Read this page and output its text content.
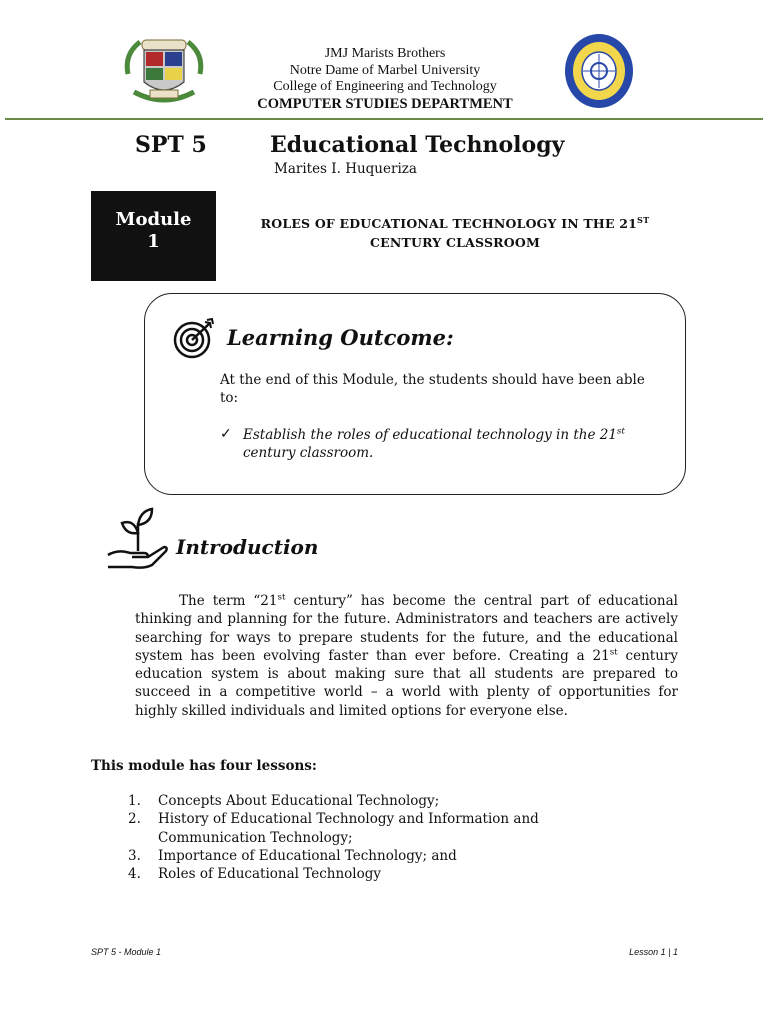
JMJ Marists Brothers
Notre Dame of Marbel University
College of Engineering and Technology
COMPUTER STUDIES DEPARTMENT
SPT 5	Educational Technology
Marites I. Huqueriza
Module
1
ROLES OF EDUCATIONAL TECHNOLOGY IN THE 21ST
CENTURY CLASSROOM
Learning Outcome:
At the end of this Module, the students should have been able to:
✓ Establish the roles of educational technology in the 21st
century classroom.
Introduction
The term “21st century” has become the central part of educational thinking and planning for the future. Administrators and teachers are actively searching for ways to prepare students for the future, and the educational system has been evolving faster than ever before. Creating a 21st century education system is about making sure that all students are prepared to succeed in a competitive world – a world with plenty of opportunities for highly skilled individuals and limited options for everyone else.
This module has four lessons:
1. Concepts About Educational Technology;
2. History of Educational Technology and Information and Communication Technology;
3. Importance of Educational Technology; and
4. Roles of Educational Technology
SPT 5 - Module 1	Lesson 1 | 1
